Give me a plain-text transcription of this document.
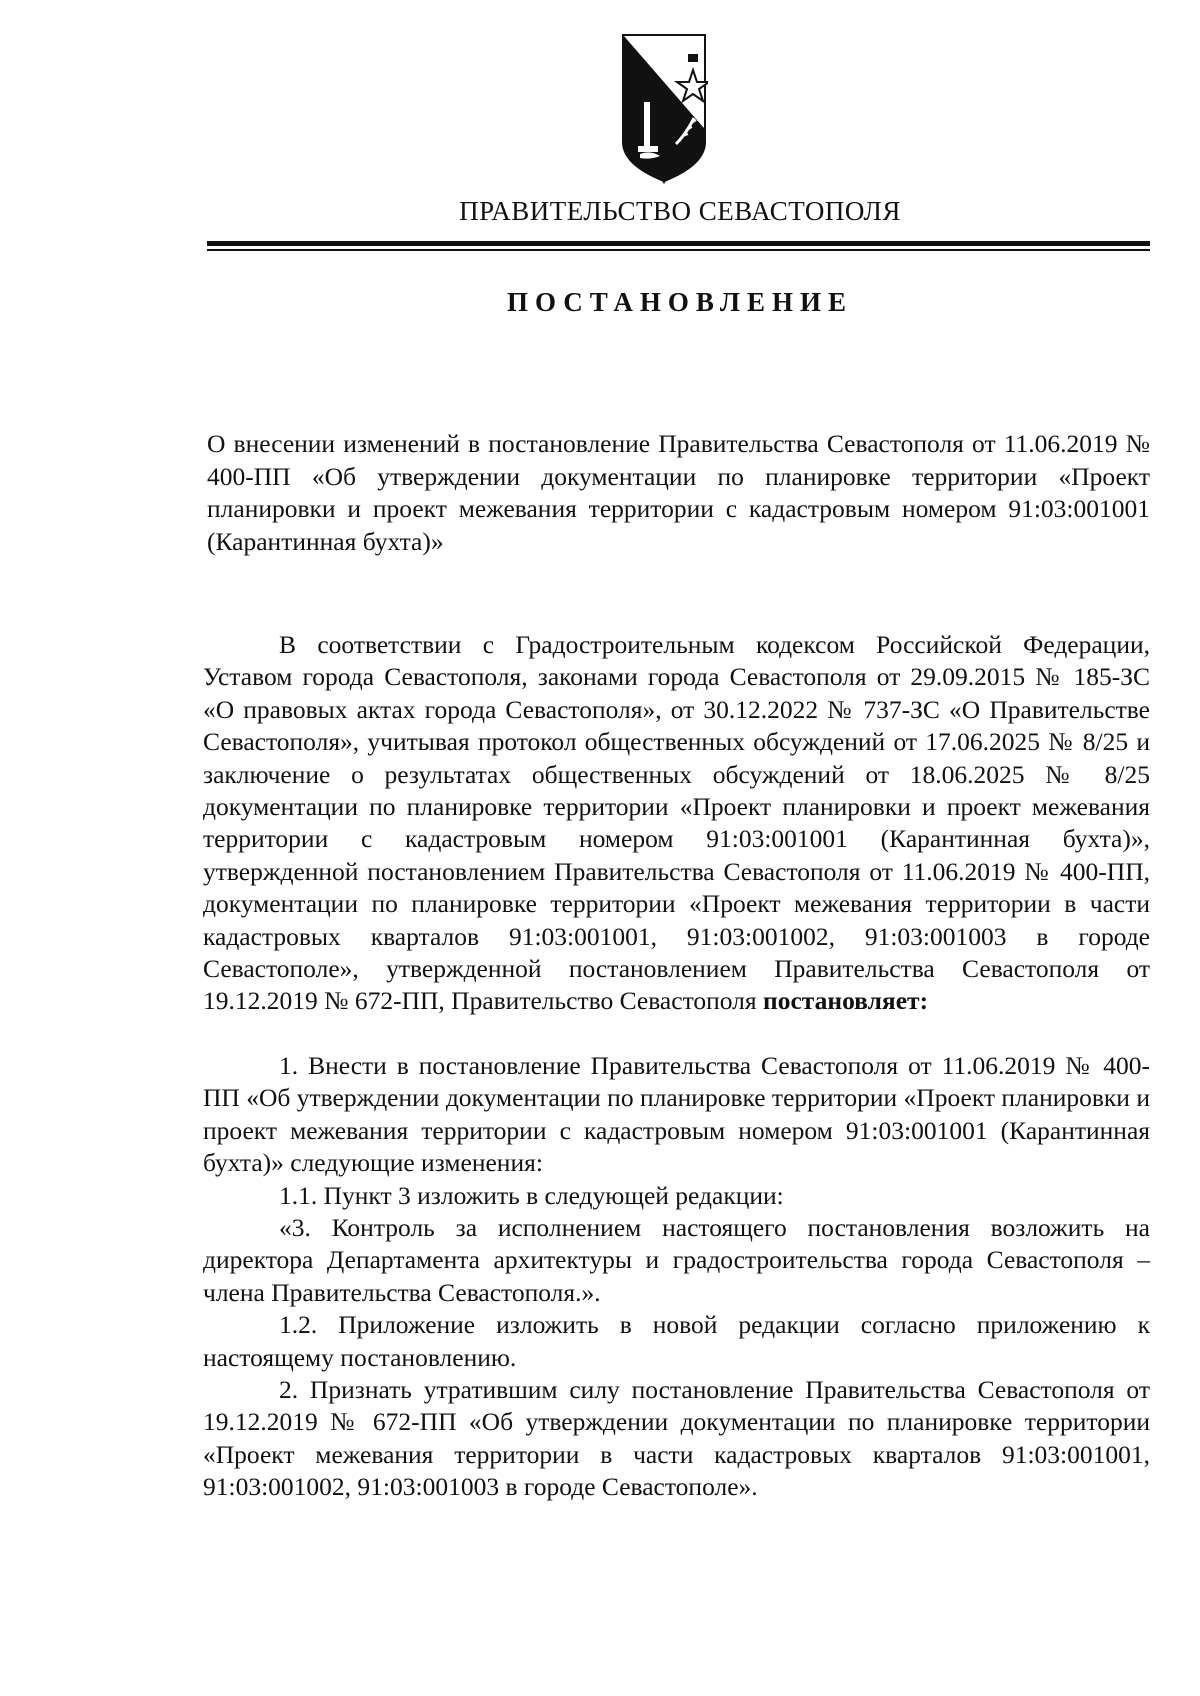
ПРАВИТЕЛЬСТВО СЕВАСТОПОЛЯ
ПОСТАНОВЛЕНИЕ
О внесении изменений в постановление Правительства Севастополя от 11.06.2019 № 400-ПП «Об утверждении документации по планировке территории «Проект планировки и проект межевания территории с кадастровым номером 91:03:001001 (Карантинная бухта)»

В соответствии с Градостроительным кодексом Российской Федерации, Уставом города Севастополя, законами города Севастополя от 29.09.2015 № 185-ЗС «О правовых актах города Севастополя», от 30.12.2022 № 737-ЗС «О Правительстве Севастополя», учитывая протокол общественных обсуждений от 17.06.2025 № 8/25 и заключение о результатах общественных обсуждений от 18.06.2025 № 8/25 документации по планировке территории «Проект планировки и проект межевания территории с кадастровым номером 91:03:001001 (Карантинная бухта)», утвержденной постановлением Правительства Севастополя от 11.06.2019 № 400-ПП, документации по планировке территории «Проект межевания территории в части кадастровых кварталов 91:03:001001, 91:03:001002, 91:03:001003 в городе Севастополе», утвержденной постановлением Правительства Севастополя от 19.12.2019 № 672-ПП, Правительство Севастополя постановляет:

1. Внести в постановление Правительства Севастополя от 11.06.2019 № 400-ПП «Об утверждении документации по планировке территории «Проект планировки и проект межевания территории с кадастровым номером 91:03:001001 (Карантинная бухта)» следующие изменения:

1.1. Пункт 3 изложить в следующей редакции:

«3. Контроль за исполнением настоящего постановления возложить на директора Департамента архитектуры и градостроительства города Севастополя – члена Правительства Севастополя.».

1.2. Приложение изложить в новой редакции согласно приложению к настоящему постановлению.

2. Признать утратившим силу постановление Правительства Севастополя от 19.12.2019 № 672-ПП «Об утверждении документации по планировке территории «Проект межевания территории в части кадастровых кварталов 91:03:001001, 91:03:001002, 91:03:001003 в городе Севастополе».
